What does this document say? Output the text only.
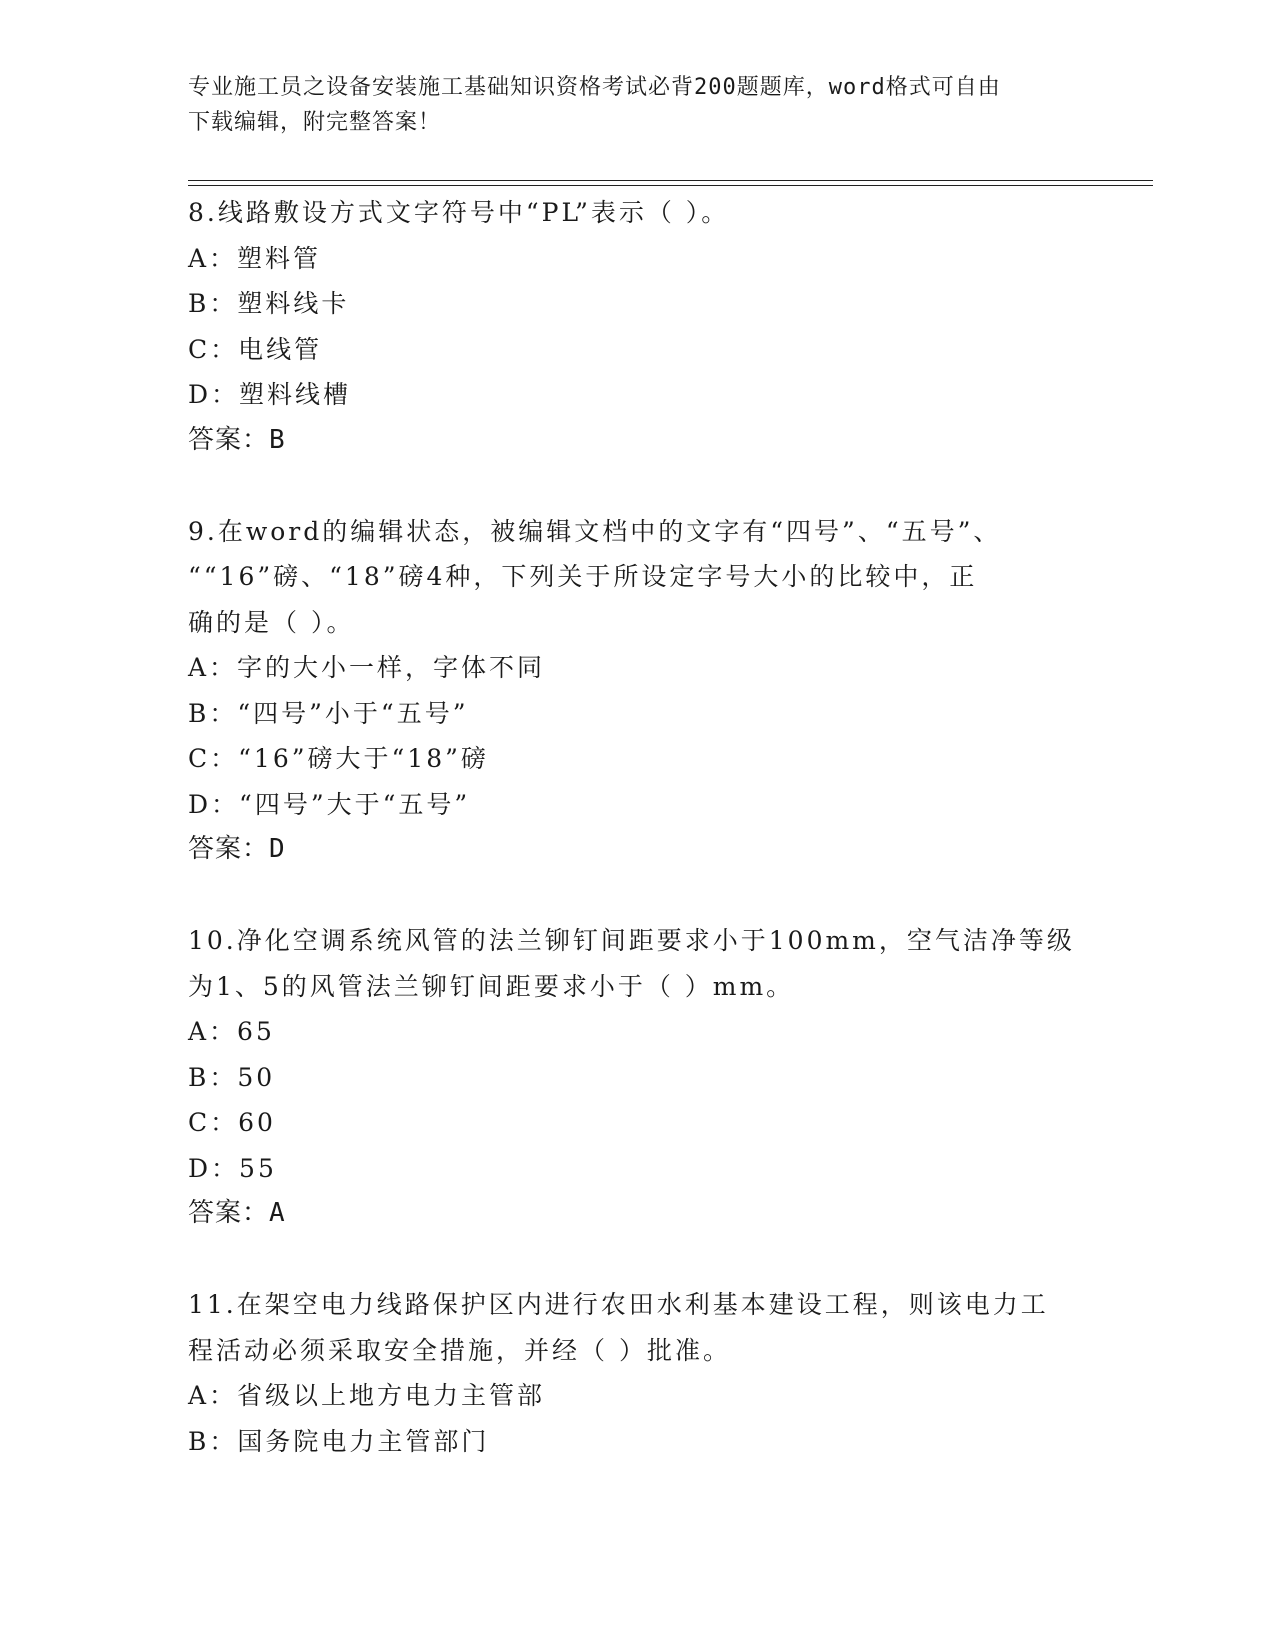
专业施工员之设备安装施工基础知识资格考试必背200题题库，word格式可自由
下载编辑，附完整答案！
8.线路敷设方式文字符号中“PL”表示（ ）。
A：塑料管
B：塑料线卡
C：电线管
D：塑料线槽
答案：B
9.在word的编辑状态，被编辑文档中的文字有“四号”、“五号”、
““16”磅、“18”磅4种，下列关于所设定字号大小的比较中，正
确的是（ ）。
A：字的大小一样，字体不同
B：“四号”小于“五号”
C：“16”磅大于“18”磅
D：“四号”大于“五号”
答案：D
10.净化空调系统风管的法兰铆钉间距要求小于100mm，空气洁净等级
为1、5的风管法兰铆钉间距要求小于（ ）mm。
A：65
B：50
C：60
D：55
答案：A
11.在架空电力线路保护区内进行农田水利基本建设工程，则该电力工
程活动必须采取安全措施，并经（ ）批准。
A：省级以上地方电力主管部
B：国务院电力主管部门
